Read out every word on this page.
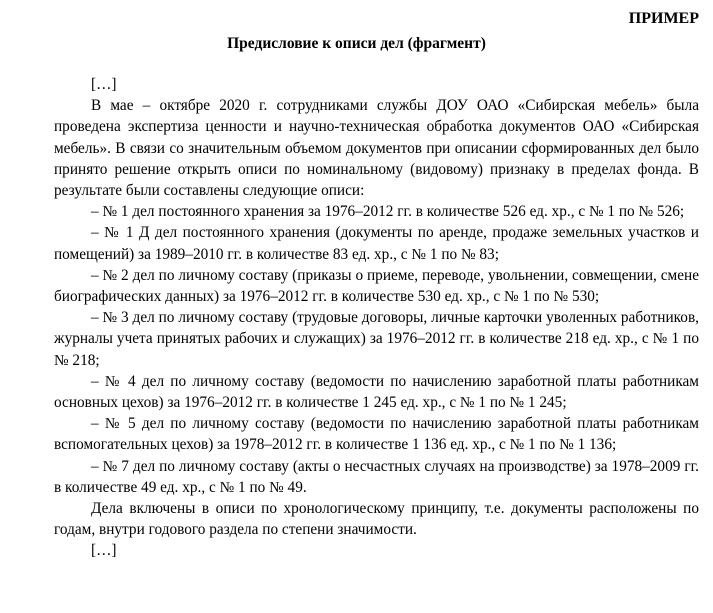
ПРИМЕР
Предисловие к описи дел (фрагмент)

[…]

В мае – октябре 2020 г. сотрудниками службы ДОУ ОАО «Сибирская мебель» была проведена экспертиза ценности и научно-техническая обработка документов ОАО «Сибирская мебель». В связи со значительным объемом документов при описании сформированных дел было принято решение открыть описи по номинальному (видовому) признаку в пределах фонда. В результате были составлены следующие описи:

– № 1 дел постоянного хранения за 1976–2012 гг. в количестве 526 ед. хр., с № 1 по № 526;

– № 1 Д дел постоянного хранения (документы по аренде, продаже земельных участков и помещений) за 1989–2010 гг. в количестве 83 ед. хр., с № 1 по № 83;

– № 2 дел по личному составу (приказы о приеме, переводе, увольнении, совмещении, смене биографических данных) за 1976–2012 гг. в количестве 530 ед. хр., с № 1 по № 530;

– № 3 дел по личному составу (трудовые договоры, личные карточки уволенных работников, журналы учета принятых рабочих и служащих) за 1976–2012 гг. в количестве 218 ед. хр., с № 1 по № 218;

– № 4 дел по личному составу (ведомости по начислению заработной платы работникам основных цехов) за 1976–2012 гг. в количестве 1 245 ед. хр., с № 1 по № 1 245;

– № 5 дел по личному составу (ведомости по начислению заработной платы работникам вспомогательных цехов) за 1978–2012 гг. в количестве 1 136 ед. хр., с № 1 по № 1 136;

– № 7 дел по личному составу (акты о несчастных случаях на производстве) за 1978–2009 гг. в количестве 49 ед. хр., с № 1 по № 49.

Дела включены в описи по хронологическому принципу, т.е. документы расположены по годам, внутри годового раздела по степени значимости.

[…]
